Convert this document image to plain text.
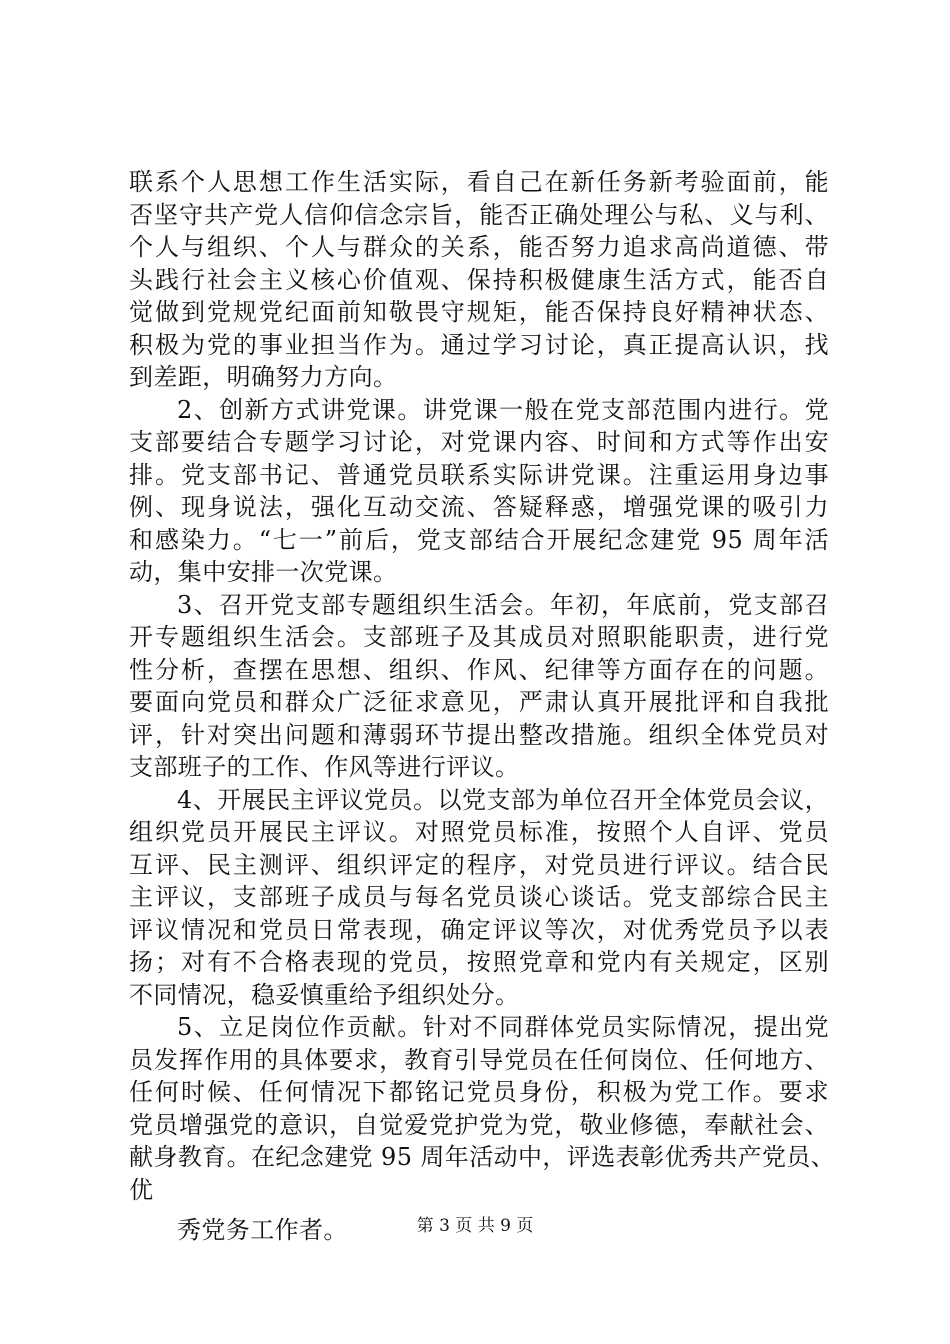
联系个人思想工作生活实际，看自己在新任务新考验面前，能
否坚守共产党人信仰信念宗旨，能否正确处理公与私、义与利、
个人与组织、个人与群众的关系，能否努力追求高尚道德、带
头践行社会主义核心价值观、保持积极健康生活方式，能否自
觉做到党规党纪面前知敬畏守规矩，能否保持良好精神状态、
积极为党的事业担当作为。通过学习讨论，真正提高认识，找
到差距，明确努力方向。
2、创新方式讲党课。讲党课一般在党支部范围内进行。党
支部要结合专题学习讨论，对党课内容、时间和方式等作出安
排。党支部书记、普通党员联系实际讲党课。注重运用身边事
例、现身说法，强化互动交流、答疑释惑，增强党课的吸引力
和感染力。“七一”前后，党支部结合开展纪念建党 95 周年活
动，集中安排一次党课。
3、召开党支部专题组织生活会。年初，年底前，党支部召
开专题组织生活会。支部班子及其成员对照职能职责，进行党
性分析，查摆在思想、组织、作风、纪律等方面存在的问题。
要面向党员和群众广泛征求意见，严肃认真开展批评和自我批
评，针对突出问题和薄弱环节提出整改措施。组织全体党员对
支部班子的工作、作风等进行评议。
4、开展民主评议党员。以党支部为单位召开全体党员会议，
组织党员开展民主评议。对照党员标准，按照个人自评、党员
互评、民主测评、组织评定的程序，对党员进行评议。结合民
主评议，支部班子成员与每名党员谈心谈话。党支部综合民主
评议情况和党员日常表现，确定评议等次，对优秀党员予以表
扬；对有不合格表现的党员，按照党章和党内有关规定，区别
不同情况，稳妥慎重给予组织处分。
5、立足岗位作贡献。针对不同群体党员实际情况，提出党
员发挥作用的具体要求，教育引导党员在任何岗位、任何地方、
任何时候、任何情况下都铭记党员身份，积极为党工作。要求
党员增强党的意识，自觉爱党护党为党，敬业修德，奉献社会、
献身教育。在纪念建党 95 周年活动中，评选表彰优秀共产党员、
优
秀党务工作者。	第 3 页 共 9 页
